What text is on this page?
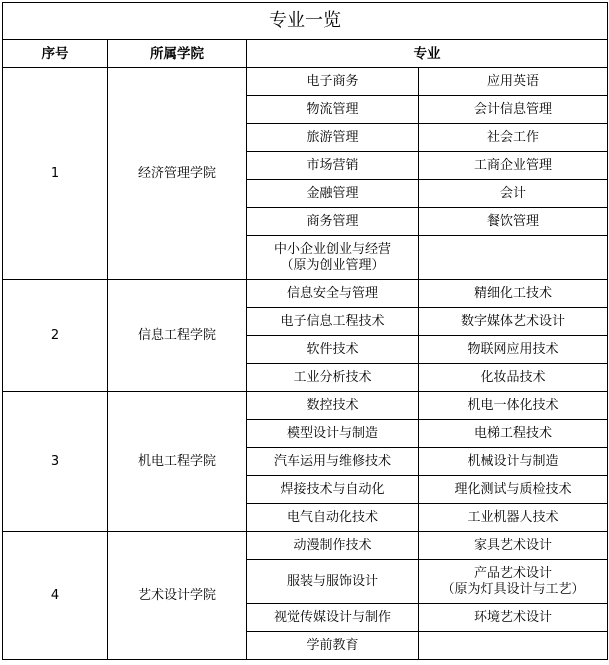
专业一览			
序号	所属学院	专业	
1	经济管理学院	电子商务	应用英语

		物流管理	会计信息管理

		旅游管理	社会工作

		市场营销	工商企业管理

		金融管理	会计

		商务管理	餐饮管理

		中小企业创业与经营
（原为创业管理）	

2	信息工程学院	信息安全与管理	精细化工技术

		电子信息工程技术	数字媒体艺术设计

		软件技术	物联网应用技术

		工业分析技术	化妆品技术

3	机电工程学院	数控技术	机电一体化技术

		模型设计与制造	电梯工程技术

		汽车运用与维修技术	机械设计与制造

		焊接技术与自动化	理化测试与质检技术

		电气自动化技术	工业机器人技术

4	艺术设计学院	动漫制作技术	家具艺术设计

		服装与服饰设计	产品艺术设计
（原为灯具设计与工艺）

		视觉传媒设计与制作	环境艺术设计

		学前教育	
